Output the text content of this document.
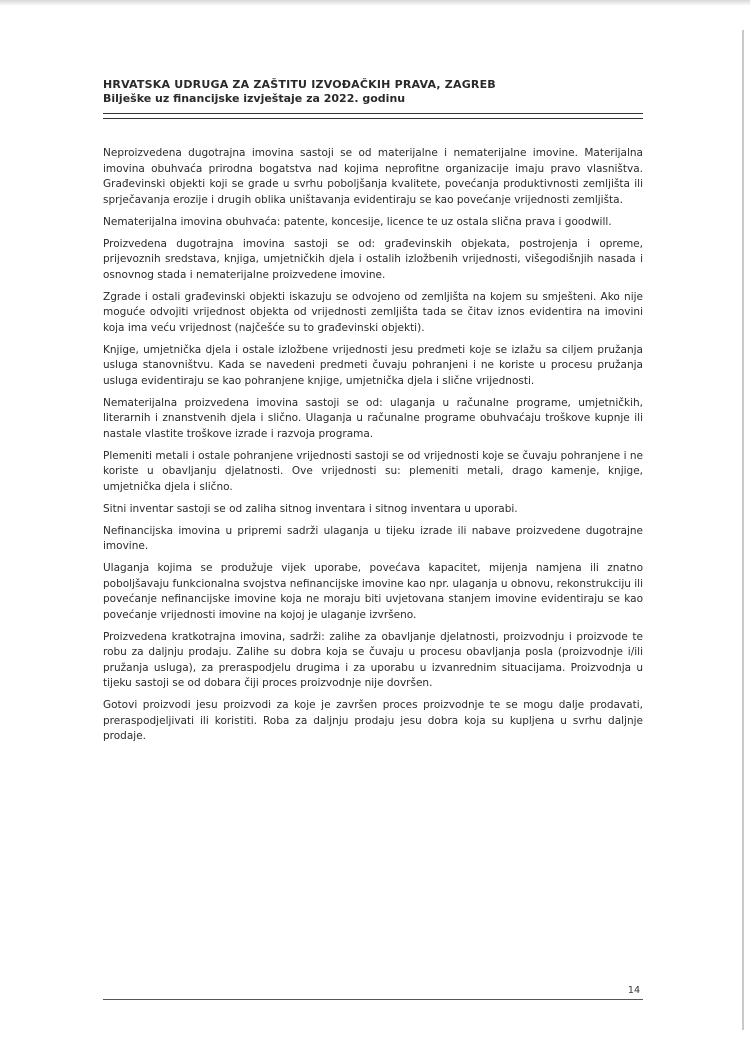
HRVATSKA UDRUGA ZA ZAŠTITU IZVOĐAČKIH PRAVA, ZAGREB
Bilješke uz financijske izvještaje za 2022. godinu

Neproizvedena dugotrajna imovina sastoji se od materijalne i nematerijalne imovine. Materijalna imovina obuhvaća prirodna bogatstva nad kojima neprofitne organizacije imaju pravo vlasništva. Građevinski objekti koji se grade u svrhu poboljšanja kvalitete, povećanja produktivnosti zemljišta ili sprječavanja erozije i drugih oblika uništavanja evidentiraju se kao povećanje vrijednosti zemljišta.

Nematerijalna imovina obuhvaća: patente, koncesije, licence te uz ostala slična prava i goodwill.

Proizvedena dugotrajna imovina sastoji se od: građevinskih objekata, postrojenja i opreme, prijevoznih sredstava, knjiga, umjetničkih djela i ostalih izložbenih vrijednosti, višegodišnjih nasada i osnovnog stada i nematerijalne proizvedene imovine.

Zgrade i ostali građevinski objekti iskazuju se odvojeno od zemljišta na kojem su smješteni. Ako nije moguće odvojiti vrijednost objekta od vrijednosti zemljišta tada se čitav iznos evidentira na imovini koja ima veću vrijednost (najčešće su to građevinski objekti).

Knjige, umjetnička djela i ostale izložbene vrijednosti jesu predmeti koje se izlažu sa ciljem pružanja usluga stanovništvu. Kada se navedeni predmeti čuvaju pohranjeni i ne koriste u procesu pružanja usluga evidentiraju se kao pohranjene knjige, umjetnička djela i slične vrijednosti.

Nematerijalna proizvedena imovina sastoji se od: ulaganja u računalne programe, umjetničkih, literarnih i znanstvenih djela i slično. Ulaganja u računalne programe obuhvaćaju troškove kupnje ili nastale vlastite troškove izrade i razvoja programa.

Plemeniti metali i ostale pohranjene vrijednosti sastoji se od vrijednosti koje se čuvaju pohranjene i ne koriste u obavljanju djelatnosti. Ove vrijednosti su: plemeniti metali, drago kamenje, knjige, umjetnička djela i slično.

Sitni inventar sastoji se od zaliha sitnog inventara i sitnog inventara u uporabi.

Nefinancijska imovina u pripremi sadrži ulaganja u tijeku izrade ili nabave proizvedene dugotrajne imovine.

Ulaganja kojima se produžuje vijek uporabe, povećava kapacitet, mijenja namjena ili znatno poboljšavaju funkcionalna svojstva nefinancijske imovine kao npr. ulaganja u obnovu, rekonstrukciju ili povećanje nefinancijske imovine koja ne moraju biti uvjetovana stanjem imovine evidentiraju se kao povećanje vrijednosti imovine na kojoj je ulaganje izvršeno.

Proizvedena kratkotrajna imovina, sadrži: zalihe za obavljanje djelatnosti, proizvodnju i proizvode te robu za daljnju prodaju. Zalihe su dobra koja se čuvaju u procesu obavljanja posla (proizvodnje i/ili pružanja usluga), za preraspodjelu drugima i za uporabu u izvanrednim situacijama. Proizvodnja u tijeku sastoji se od dobara čiji proces proizvodnje nije dovršen.

Gotovi proizvodi jesu proizvodi za koje je završen proces proizvodnje te se mogu dalje prodavati, preraspodjeljivati ili koristiti. Roba za daljnju prodaju jesu dobra koja su kupljena u svrhu daljnje prodaje.

14
